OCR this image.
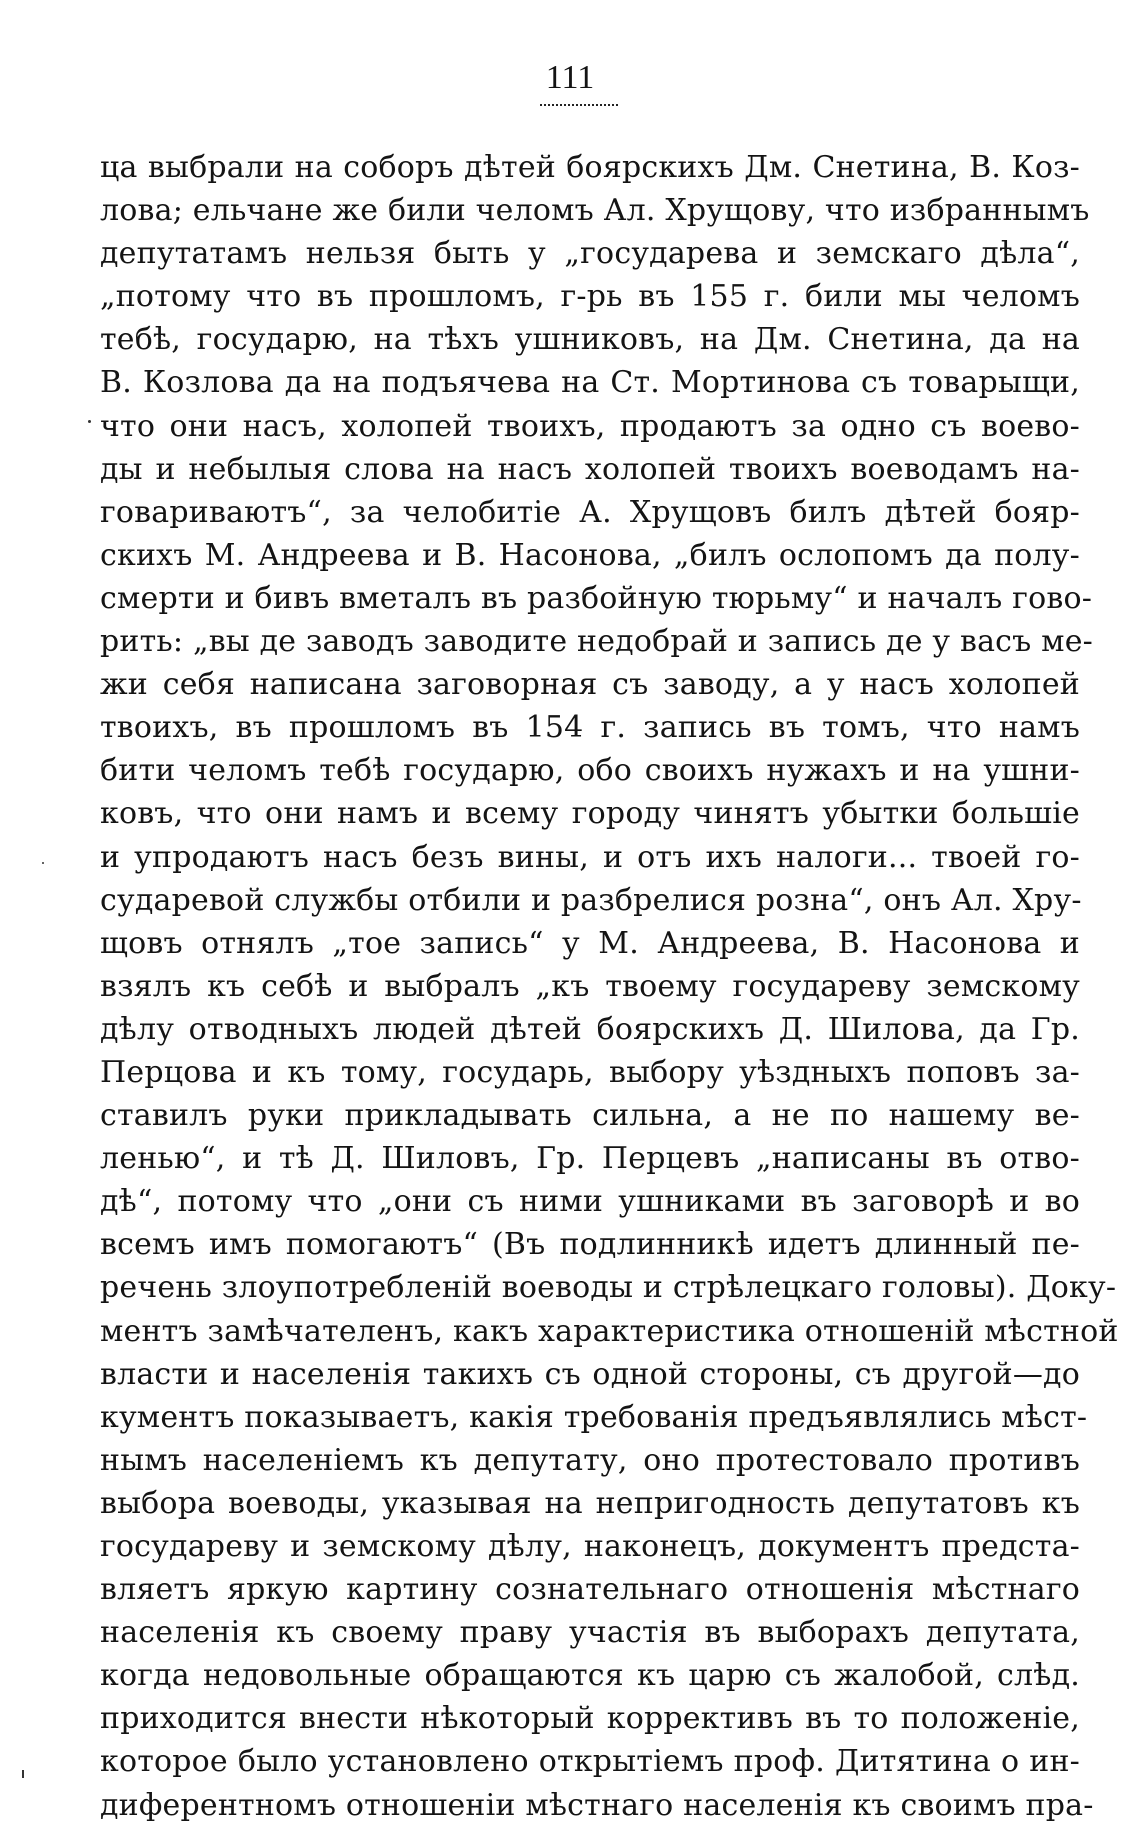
111
ца выбрали на соборъ дѣтей боярскихъ Дм. Снетина, В. Коз-
лова; ельчане же били челомъ Ал. Хрущову, что избраннымъ
депутатамъ нельзя быть у „государева и земскаго дѣла“,
„потому что въ прошломъ, г-рь въ 155 г. били мы челомъ
тебѣ, государю, на тѣхъ ушниковъ, на Дм. Снетина, да на
В. Козлова да на подъячева на Ст. Мортинова съ товарыщи,
что они насъ, холопей твоихъ, продаютъ за одно съ воево-
ды и небылыя слова на насъ холопей твоихъ воеводамъ на-
говариваютъ“, за челобитіе А. Хрущовъ билъ дѣтей бояр-
скихъ М. Андреева и В. Насонова, „билъ ослопомъ да полу-
смерти и бивъ вметалъ въ разбойную тюрьму“ и началъ гово-
рить: „вы де заводъ заводите недобрай и запись де у васъ ме-
жи себя написана заговорная съ заводу, а у насъ холопей
твоихъ, въ прошломъ въ 154 г. запись въ томъ, что намъ
бити челомъ тебѣ государю, обо своихъ нужахъ и на ушни-
ковъ, что они намъ и всему городу чинятъ убытки большіе
и упродаютъ насъ безъ вины, и отъ ихъ налоги... твоей го-
сударевой службы отбили и разбрелися розна“, онъ Ал. Хру-
щовъ отнялъ „тое запись“ у М. Андреева, В. Насонова и
взялъ къ себѣ и выбралъ „къ твоему государеву земскому
дѣлу отводныхъ людей дѣтей боярскихъ Д. Шилова, да Гр.
Перцова и къ тому, государь, выбору уѣздныхъ поповъ за-
ставилъ руки прикладывать сильна, а не по нашему ве-
ленью“, и тѣ Д. Шиловъ, Гр. Перцевъ „написаны въ отво-
дѣ“, потому что „они съ ними ушниками въ заговорѣ и во
всемъ имъ помогаютъ“ (Въ подлинникѣ идетъ длинный пе-
речень злоупотребленій воеводы и стрѣлецкаго головы). Доку-
ментъ замѣчателенъ, какъ характеристика отношеній мѣстной
власти и населенія такихъ съ одной стороны, съ другой—до
кументъ показываетъ, какія требованія предъявлялись мѣст-
нымъ населеніемъ къ депутату, оно протестовало противъ
выбора воеводы, указывая на непригодность депутатовъ къ
государеву и земскому дѣлу, наконецъ, документъ предста-
вляетъ яркую картину сознательнаго отношенія мѣстнаго
населенія къ своему праву участія въ выборахъ депутата,
когда недовольные обращаются къ царю съ жалобой, слѣд.
приходится внести нѣкоторый коррективъ въ то положеніе,
которое было установлено открытіемъ проф. Дитятина о ин-
диферентномъ отношеніи мѣстнаго населенія къ своимъ пра-
